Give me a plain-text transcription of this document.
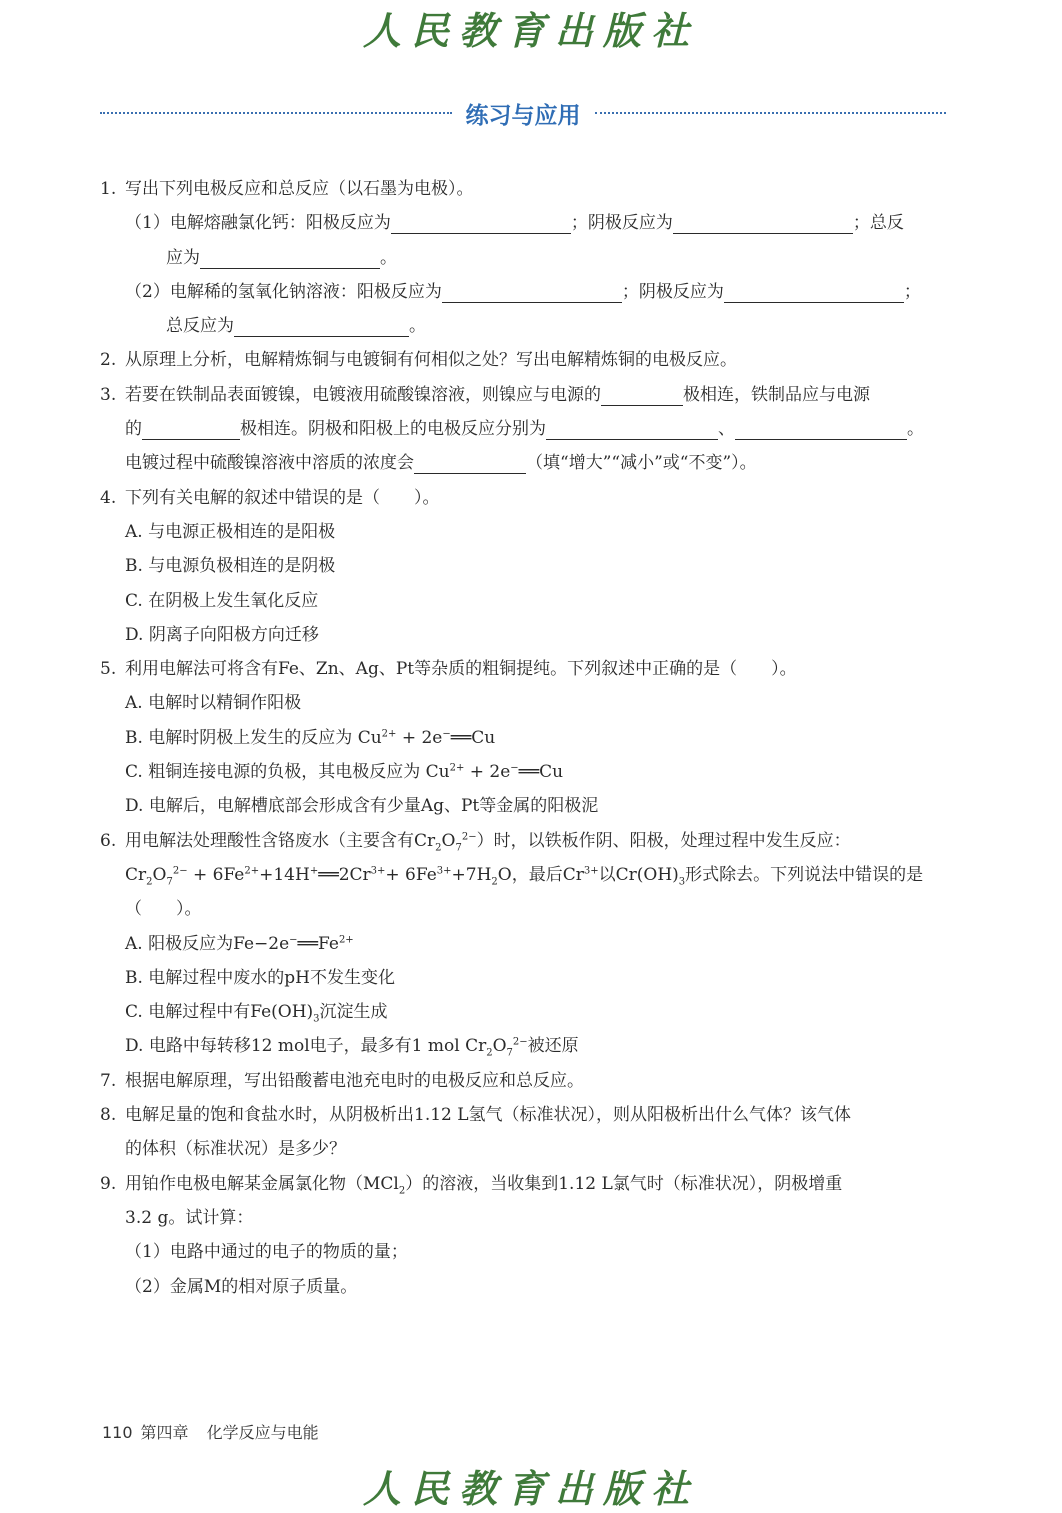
人民教育出版社
练习与应用
1. 写出下列电极反应和总反应（以石墨为电极）。
（1）电解熔融氯化钙：阳极反应为	；阴极反应为	；总反
应为	。
（2）电解稀的氢氧化钠溶液：阳极反应为	；阴极反应为	；
总反应为	。
2. 从原理上分析，电解精炼铜与电镀铜有何相似之处？写出电解精炼铜的电极反应。
3. 若要在铁制品表面镀镍，电镀液用硫酸镍溶液，则镍应与电源的	极相连，铁制品应与电源
的	极相连。阴极和阳极上的电极反应分别为	、	。
电镀过程中硫酸镍溶液中溶质的浓度会	（填“增大”“减小”或“不变”）。
4. 下列有关电解的叙述中错误的是（　　）。
A. 与电源正极相连的是阳极
B. 与电源负极相连的是阴极
C. 在阴极上发生氧化反应
D. 阴离子向阳极方向迁移
5. 利用电解法可将含有Fe、Zn、Ag、Pt等杂质的粗铜提纯。下列叙述中正确的是（　　）。
A. 电解时以精铜作阳极
B. 电解时阴极上发生的反应为 $Cu^{2+}$ + 2e−══Cu
C. 粗铜连接电源的负极，其电极反应为 $Cu^{2+}$ + 2e−══Cu
D. 电解后，电解槽底部会形成含有少量Ag、Pt等金属的阳极泥
6. 用电解法处理酸性含铬废水（主要含有$Cr_2O_7^{2-}$）时，以铁板作阴、阳极，处理过程中发生反应：
$Cr_2O_7^{2-}$ + $6Fe^{2+}+14H^+══2Cr^{3+}+ 6Fe^{3+}+7H_2O$，最后$Cr^{3+}$以$Cr(OH)_3$形式除去。下列说法中错误的是
（　　）。
A. 阳极反应为$Fe-2e^-══Fe^{2+}$
B. 电解过程中废水的pH不发生变化
C. 电解过程中有$Fe(OH)_3$沉淀生成
D. 电路中每转移12 mol电子，最多有1 mol $Cr_2O_7^{2-}$被还原
7. 根据电解原理，写出铅酸蓄电池充电时的电极反应和总反应。
8. 电解足量的饱和食盐水时，从阴极析出1.12 L氢气（标准状况），则从阳极析出什么气体？该气体
的体积（标准状况）是多少？
9. 用铂作电极电解某金属氯化物（MCl$_2$）的溶液，当收集到1.12 L氯气时（标准状况），阴极增重
3.2 g。试计算：
（1）电路中通过的电子的物质的量；
（2）金属M的相对原子质量。
110 第四章 化学反应与电能
人民教育出版社
